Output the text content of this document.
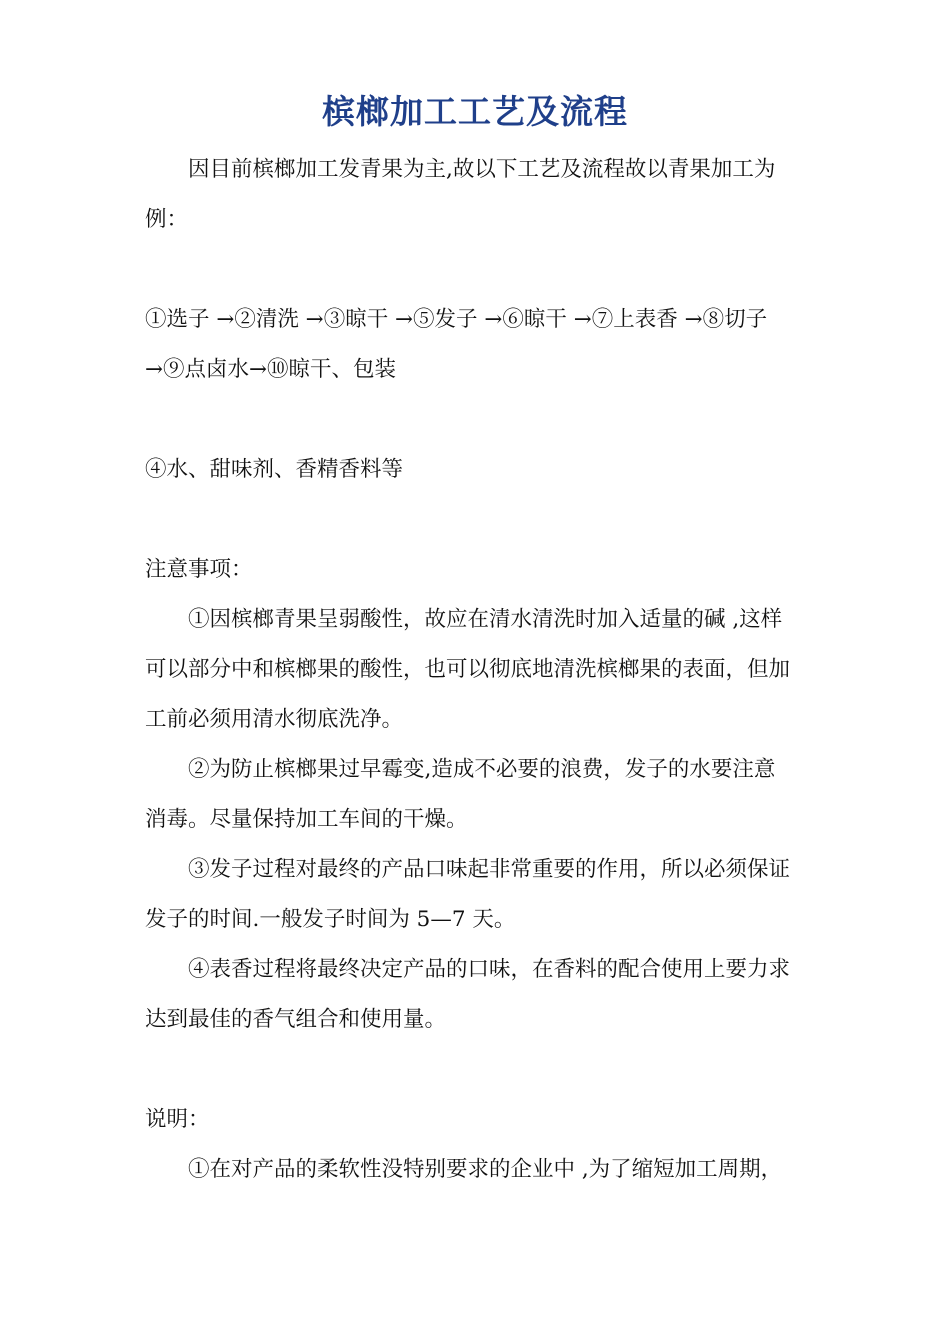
槟榔加工工艺及流程

因目前槟榔加工发青果为主,故以下工艺及流程故以青果加工为

例：

①选子 →②清洗 →③晾干 →⑤发子 →⑥晾干 →⑦上表香 →⑧切子

→⑨点卤水→⑩晾干、包装

④水、甜味剂、香精香料等

注意事项：

①因槟榔青果呈弱酸性，故应在清水清洗时加入适量的碱 ,这样

可以部分中和槟榔果的酸性，也可以彻底地清洗槟榔果的表面，但加

工前必须用清水彻底洗净。

②为防止槟榔果过早霉变,造成不必要的浪费，发子的水要注意

消毒。尽量保持加工车间的干燥。

③发子过程对最终的产品口味起非常重要的作用，所以必须保证

发子的时间.一般发子时间为 5—7 天。

④表香过程将最终决定产品的口味，在香料的配合使用上要力求

达到最佳的香气组合和使用量。

说明：

①在对产品的柔软性没特别要求的企业中 ,为了缩短加工周期，
